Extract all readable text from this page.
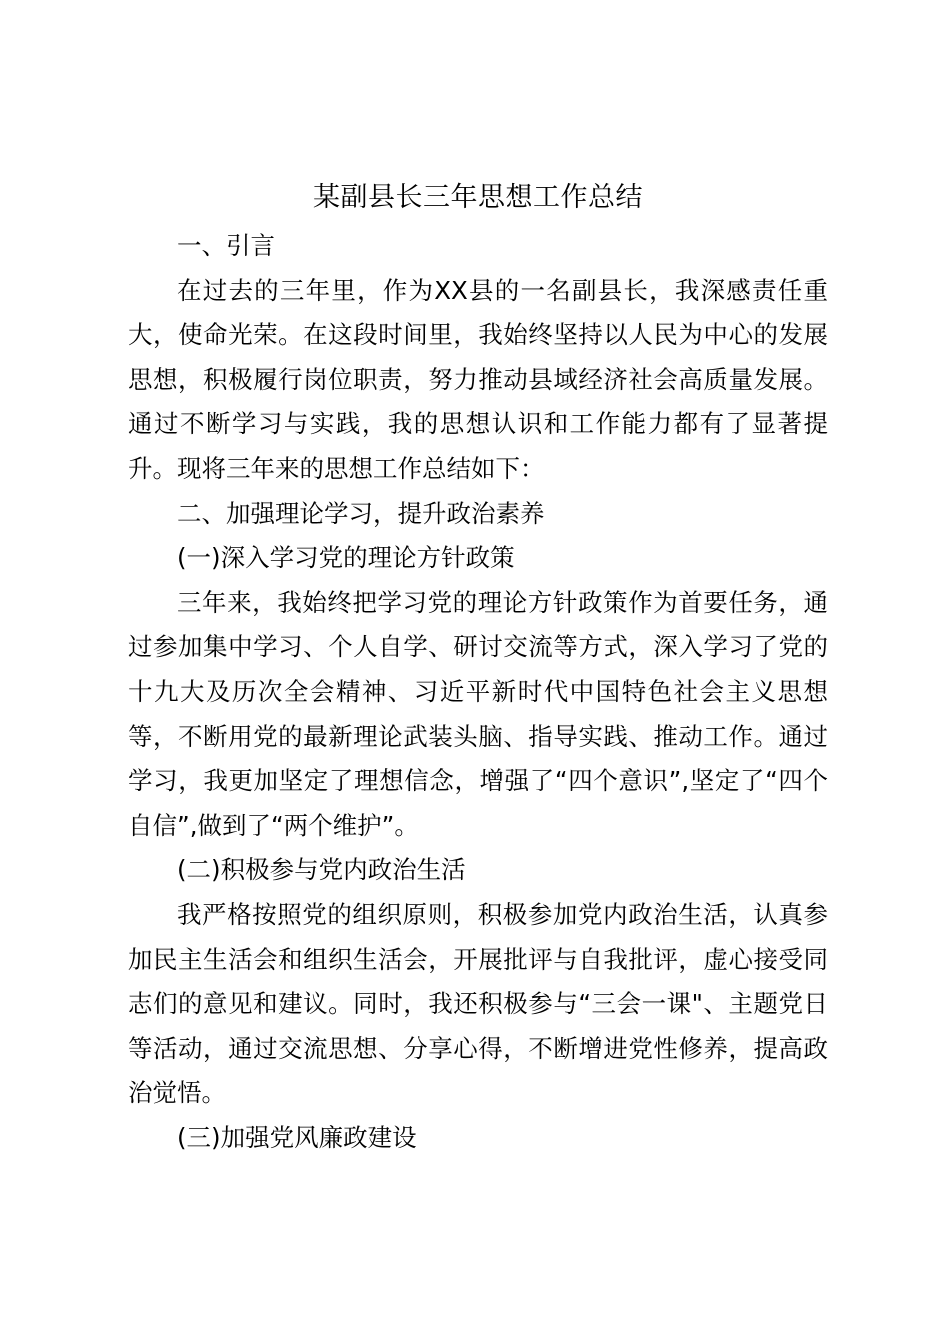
某副县长三年思想工作总结

一、引言

在过去的三年里，作为XX县的一名副县长，我深感责任重大，使命光荣。在这段时间里，我始终坚持以人民为中心的发展思想，积极履行岗位职责，努力推动县域经济社会高质量发展。通过不断学习与实践，我的思想认识和工作能力都有了显著提升。现将三年来的思想工作总结如下：

二、加强理论学习，提升政治素养

(一)深入学习党的理论方针政策

三年来，我始终把学习党的理论方针政策作为首要任务，通过参加集中学习、个人自学、研讨交流等方式，深入学习了党的十九大及历次全会精神、习近平新时代中国特色社会主义思想等，不断用党的最新理论武装头脑、指导实践、推动工作。通过学习，我更加坚定了理想信念，增强了“四个意识”,坚定了“四个自信”,做到了“两个维护”。

(二)积极参与党内政治生活

我严格按照党的组织原则，积极参加党内政治生活，认真参加民主生活会和组织生活会，开展批评与自我批评，虚心接受同志们的意见和建议。同时，我还积极参与“三会一课"、主题党日等活动，通过交流思想、分享心得，不断增进党性修养，提高政治觉悟。

(三)加强党风廉政建设
